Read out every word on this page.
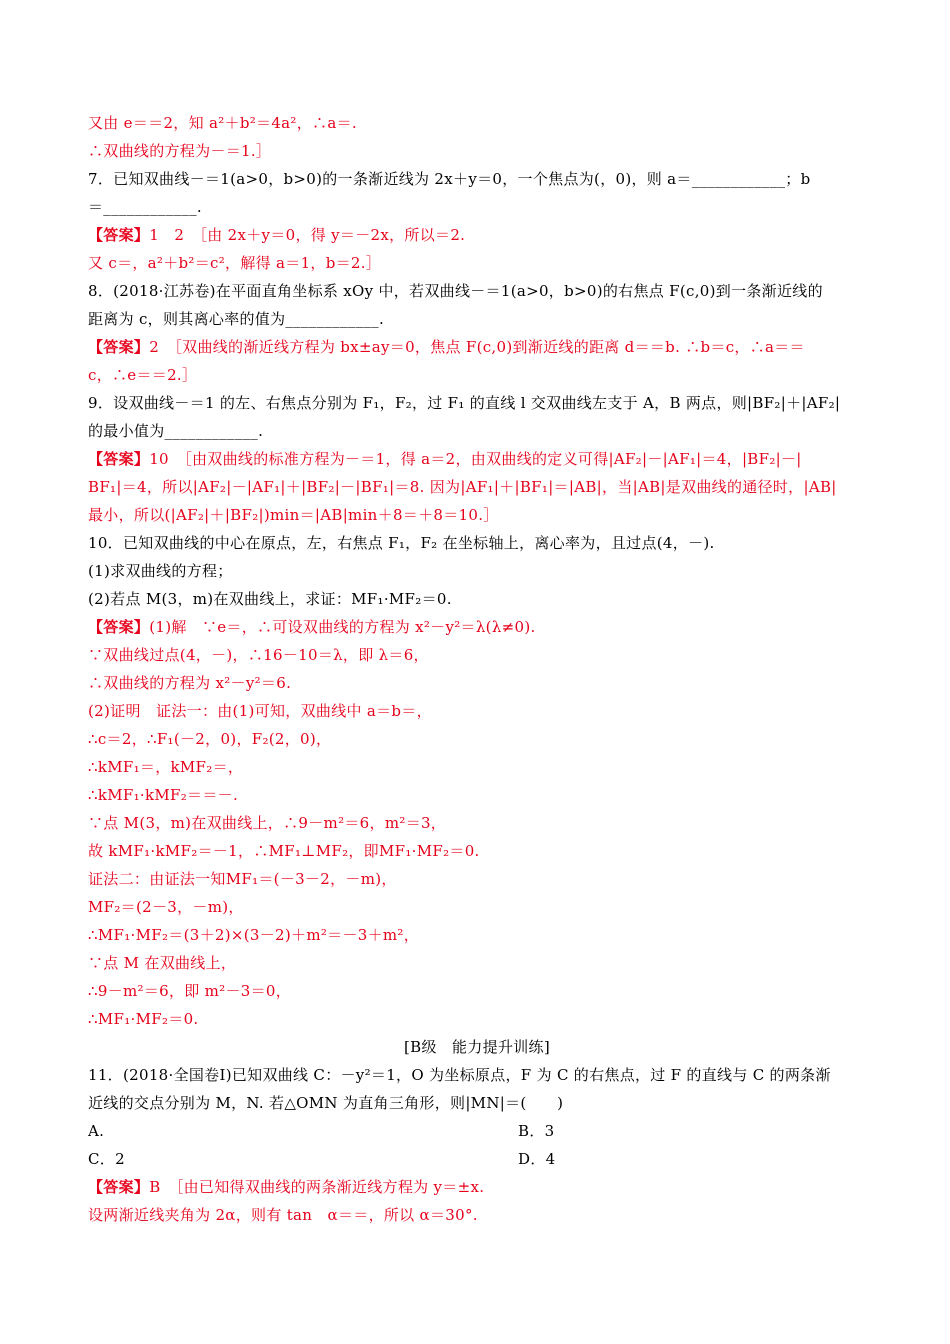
又由 e＝＝2，知 a²＋b²＝4a²，∴a＝.
∴双曲线的方程为－＝1.］
7．已知双曲线－＝1(a>0，b>0)的一条渐近线为 2x＋y＝0，一个焦点为(，0)，则 a＝____________；b
＝____________.
【答案】1　2　［由 2x＋y＝0，得 y＝－2x，所以＝2.
又 c＝，a²＋b²＝c²，解得 a＝1，b＝2.］
8．(2018·江苏卷)在平面直角坐标系 xOy 中，若双曲线－＝1(a>0，b>0)的右焦点 F(c,0)到一条渐近线的
距离为 c，则其离心率的值为____________.
【答案】2　［双曲线的渐近线方程为 bx±ay＝0，焦点 F(c,0)到渐近线的距离 d＝＝b. ∴b＝c，∴a＝＝
c，∴e＝＝2.］
9．设双曲线－＝1 的左、右焦点分别为 F₁，F₂，过 F₁ 的直线 l 交双曲线左支于 A，B 两点，则|BF₂|＋|AF₂|
的最小值为____________.
【答案】10　［由双曲线的标准方程为－＝1，得 a＝2，由双曲线的定义可得|AF₂|－|AF₁|＝4，|BF₂|－|
BF₁|＝4，所以|AF₂|－|AF₁|＋|BF₂|－|BF₁|＝8. 因为|AF₁|＋|BF₁|＝|AB|，当|AB|是双曲线的通径时，|AB|
最小，所以(|AF₂|＋|BF₂|)min＝|AB|min＋8＝＋8＝10.］
10．已知双曲线的中心在原点，左，右焦点 F₁，F₂ 在坐标轴上，离心率为，且过点(4，－).
(1)求双曲线的方程；
(2)若点 M(3，m)在双曲线上，求证：MF₁·MF₂＝0.
【答案】(1)解　∵e＝，∴可设双曲线的方程为 x²－y²＝λ(λ≠0).
∵双曲线过点(4，－)，∴16－10＝λ，即 λ＝6，
∴双曲线的方程为 x²－y²＝6.
(2)证明　证法一：由(1)可知，双曲线中 a＝b＝，
∴c＝2，∴F₁(－2，0)，F₂(2，0)，
∴kMF₁＝，kMF₂＝，
∴kMF₁·kMF₂＝＝－.
∵点 M(3，m)在双曲线上，∴9－m²＝6，m²＝3，
故 kMF₁·kMF₂＝－1，∴MF₁⊥MF₂，即MF₁·MF₂＝0.
证法二：由证法一知MF₁＝(－3－2，－m)，
MF₂＝(2－3，－m)，
∴MF₁·MF₂＝(3＋2)×(3－2)＋m²＝－3＋m²，
∵点 M 在双曲线上，
∴9－m²＝6，即 m²－3＝0，
∴MF₁·MF₂＝0.
[B级　能力提升训练]
11．(2018·全国卷Ⅰ)已知双曲线 C：－y²＝1，O 为坐标原点，F 为 C 的右焦点，过 F 的直线与 C 的两条渐
近线的交点分别为 M，N. 若△OMN 为直角三角形，则|MN|＝(　　)
A.	B．3
C．2	D．4
【答案】B　［由已知得双曲线的两条渐近线方程为 y＝±x.
设两渐近线夹角为 2α，则有 tan　α＝＝，所以 α＝30°.
